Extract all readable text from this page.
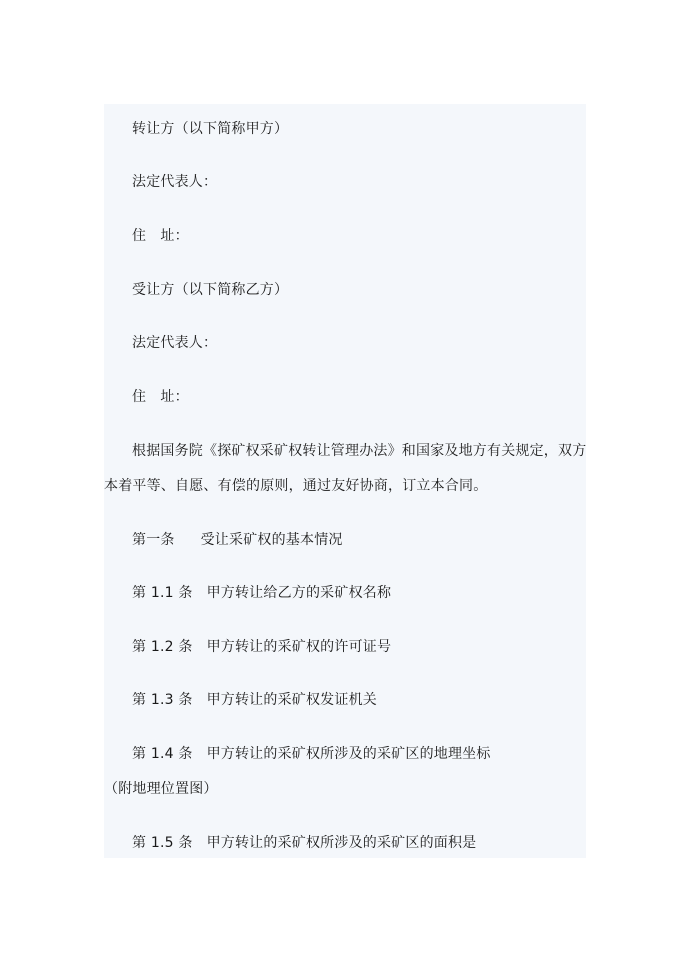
转让方（以下简称甲方）
法定代表人：
住　址：
受让方（以下简称乙方）
法定代表人：
住　址：
根据国务院《探矿权采矿权转让管理办法》和国家及地方有关规定，双方
本着平等、自愿、有偿的原则，通过友好协商，订立本合同。
第一条 受让采矿权的基本情况
第 1.1 条 甲方转让给乙方的采矿权名称
第 1.2 条 甲方转让的采矿权的许可证号
第 1.3 条 甲方转让的采矿权发证机关
第 1.4 条 甲方转让的采矿权所涉及的采矿区的地理坐标
（附地理位置图）
第 1.5 条 甲方转让的采矿权所涉及的采矿区的面积是
